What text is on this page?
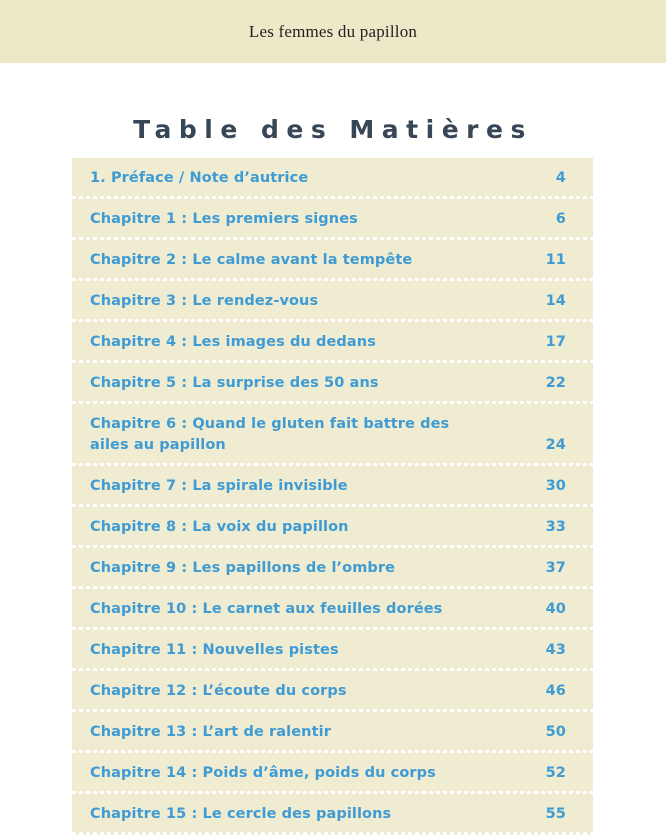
Les femmes du papillon
Table des Matières
1. Préface / Note d’autrice	4
Chapitre 1 : Les premiers signes	6
Chapitre 2 : Le calme avant la tempête	11
Chapitre 3 : Le rendez-vous	14
Chapitre 4 : Les images du dedans	17
Chapitre 5 : La surprise des 50 ans	22
Chapitre 6 : Quand le gluten fait battre des ailes au papillon	24
Chapitre 7 : La spirale invisible	30
Chapitre 8 : La voix du papillon	33
Chapitre 9 : Les papillons de l’ombre	37
Chapitre 10 : Le carnet aux feuilles dorées	40
Chapitre 11 : Nouvelles pistes	43
Chapitre 12 : L’écoute du corps	46
Chapitre 13 : L’art de ralentir	50
Chapitre 14 : Poids d’âme, poids du corps	52
Chapitre 15 : Le cercle des papillons	55
